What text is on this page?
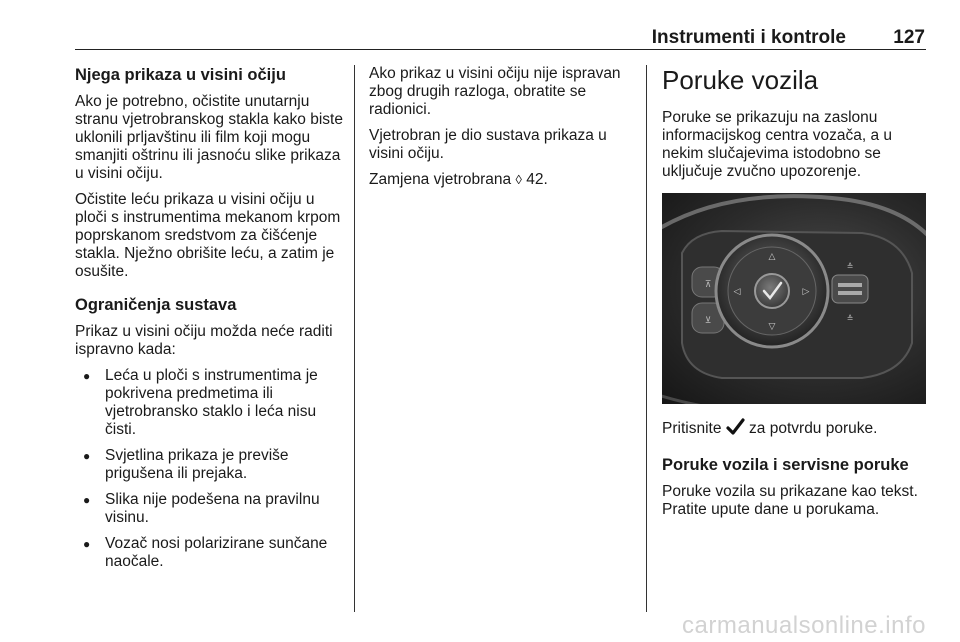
Instrumenti i kontrole 127
Njega prikaza u visini očiju

Ako je potrebno, očistite unutarnju stranu vjetrobranskog stakla kako biste uklonili prljavštinu ili film koji mogu smanjiti oštrinu ili jasnoću slike prikaza u visini očiju.

Očistite leću prikaza u visini očiju u ploči s instrumentima mekanom krpom poprskanom sredstvom za čišćenje stakla. Nježno obrišite leću, a zatim je osušite.

Ograničenja sustava

Prikaz u visini očiju možda neće raditi ispravno kada:

● Leća u ploči s instrumentima je pokrivena predmetima ili vjetrobransko staklo i leća nisu čisti.
● Svjetlina prikaza je previše prigušena ili prejaka.
● Slika nije podešena na pravilnu visinu.
● Vozač nosi polarizirane sunčane naočale.

Ako prikaz u visini očiju nije ispravan zbog drugih razloga, obratite se radionici.

Vjetrobran je dio sustava prikaza u visini očiju.

Zamjena vjetrobrana ◊ 42.

Poruke vozila

Poruke se prikazuju na zaslonu informacijskog centra vozača, a u nekim slučajevima istodobno se uključuje zvučno upozorenje.

⊼
⊻
△
▽
◁	▷
≙
≙

Pritisnite  za potvrdu poruke.

Poruke vozila i servisne poruke

Poruke vozila su prikazane kao tekst. Pratite upute dane u porukama.

carmanualsonline.info
